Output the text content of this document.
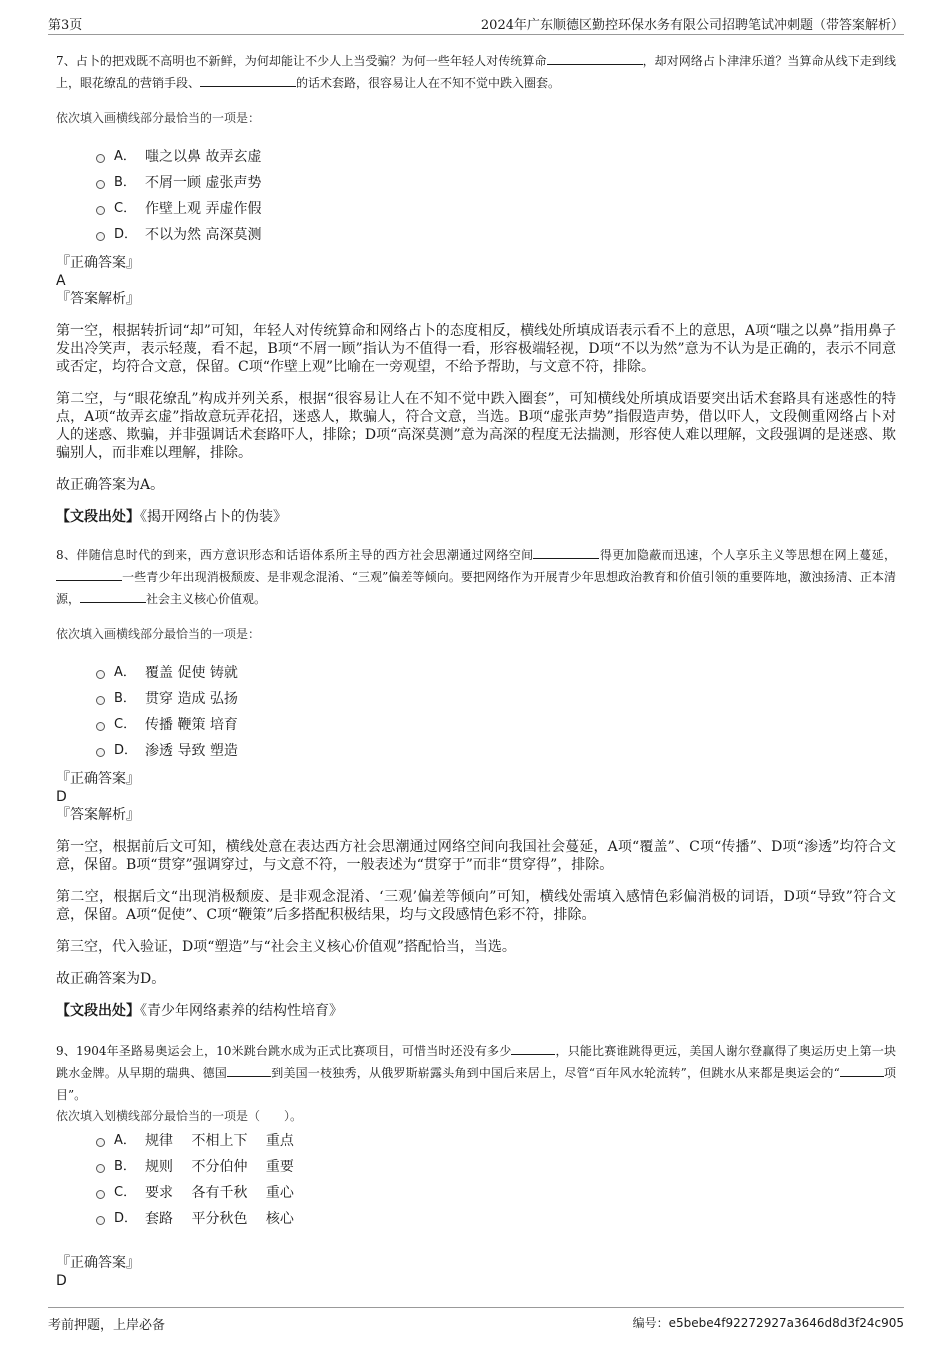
第3页	2024年广东顺德区勤控环保水务有限公司招聘笔试冲刺题（带答案解析）
7、占卜的把戏既不高明也不新鲜，为何却能让不少人上当受骗？为何一些年轻人对传统算命	，却对网络占卜津津乐道？当算命从线下走到线上，眼花缭乱的营销手段、	的话术套路，很容易让人在不知不觉中跌入圈套。
依次填入画横线部分最恰当的一项是：
A． 嗤之以鼻 故弄玄虚
B． 不屑一顾 虚张声势
C． 作壁上观 弄虚作假
D． 不以为然 高深莫测
『正确答案』
A
『答案解析』

第一空，根据转折词“却”可知，年轻人对传统算命和网络占卜的态度相反，横线处所填成语表示看不上的意思，A项“嗤之以鼻”指用鼻子发出冷笑声，表示轻蔑，看不起，B项“不屑一顾”指认为不值得一看，形容极端轻视，D项“不以为然”意为不认为是正确的，表示不同意或否定，均符合文意，保留。C项“作壁上观”比喻在一旁观望，不给予帮助，与文意不符，排除。

第二空，与“眼花缭乱”构成并列关系，根据“很容易让人在不知不觉中跌入圈套”，可知横线处所填成语要突出话术套路具有迷惑性的特点，A项“故弄玄虚”指故意玩弄花招，迷惑人，欺骗人，符合文意，当选。B项“虚张声势”指假造声势，借以吓人，文段侧重网络占卜对人的迷惑、欺骗，并非强调话术套路吓人，排除；D项“高深莫测”意为高深的程度无法揣测，形容使人难以理解，文段强调的是迷惑、欺骗别人，而非难以理解，排除。

故正确答案为A。

【文段出处】《揭开网络占卜的伪装》
8、伴随信息时代的到来，西方意识形态和话语体系所主导的西方社会思潮通过网络空间	得更加隐蔽而迅速，个人享乐主义等思想在网上蔓延，一些青少年出现消极颓废、是非观念混淆、“三观”偏差等倾向。要把网络作为开展青少年思想政治教育和价值引领的重要阵地，激浊扬清、正本清源，	社会主义核心价值观。
依次填入画横线部分最恰当的一项是：
A． 覆盖 促使 铸就
B． 贯穿 造成 弘扬
C． 传播 鞭策 培育
D． 渗透 导致 塑造
『正确答案』
D
『答案解析』

第一空，根据前后文可知，横线处意在表达西方社会思潮通过网络空间向我国社会蔓延，A项“覆盖”、C项“传播”、D项“渗透”均符合文意，保留。B项“贯穿”强调穿过，与文意不符，一般表述为“贯穿于”而非“贯穿得”，排除。

第二空，根据后文“出现消极颓废、是非观念混淆、‘三观’偏差等倾向”可知，横线处需填入感情色彩偏消极的词语，D项“导致”符合文意，保留。A项“促使”、C项“鞭策”后多搭配积极结果，均与文段感情色彩不符，排除。

第三空，代入验证，D项“塑造”与“社会主义核心价值观”搭配恰当，当选。

故正确答案为D。

【文段出处】《青少年网络素养的结构性培育》
9、1904年圣路易奥运会上，10米跳台跳水成为正式比赛项目，可惜当时还没有多少	，只能比赛谁跳得更远，美国人谢尔登赢得了奥运历史上第一块跳水金牌。从早期的瑞典、德国	到美国一枝独秀，从俄罗斯崭露头角到中国后来居上，尽管“百年风水轮流转”，但跳水从来都是奥运会的“	项目”。
依次填入划横线部分最恰当的一项是（　　）。
A． 规律　 不相上下　 重点
B． 规则　 不分伯仲　 重要
C． 要求　 各有千秋　 重心
D． 套路　 平分秋色　 核心
『正确答案』
D
考前押题，上岸必备	编号：e5bebe4f92272927a3646d8d3f24c905
